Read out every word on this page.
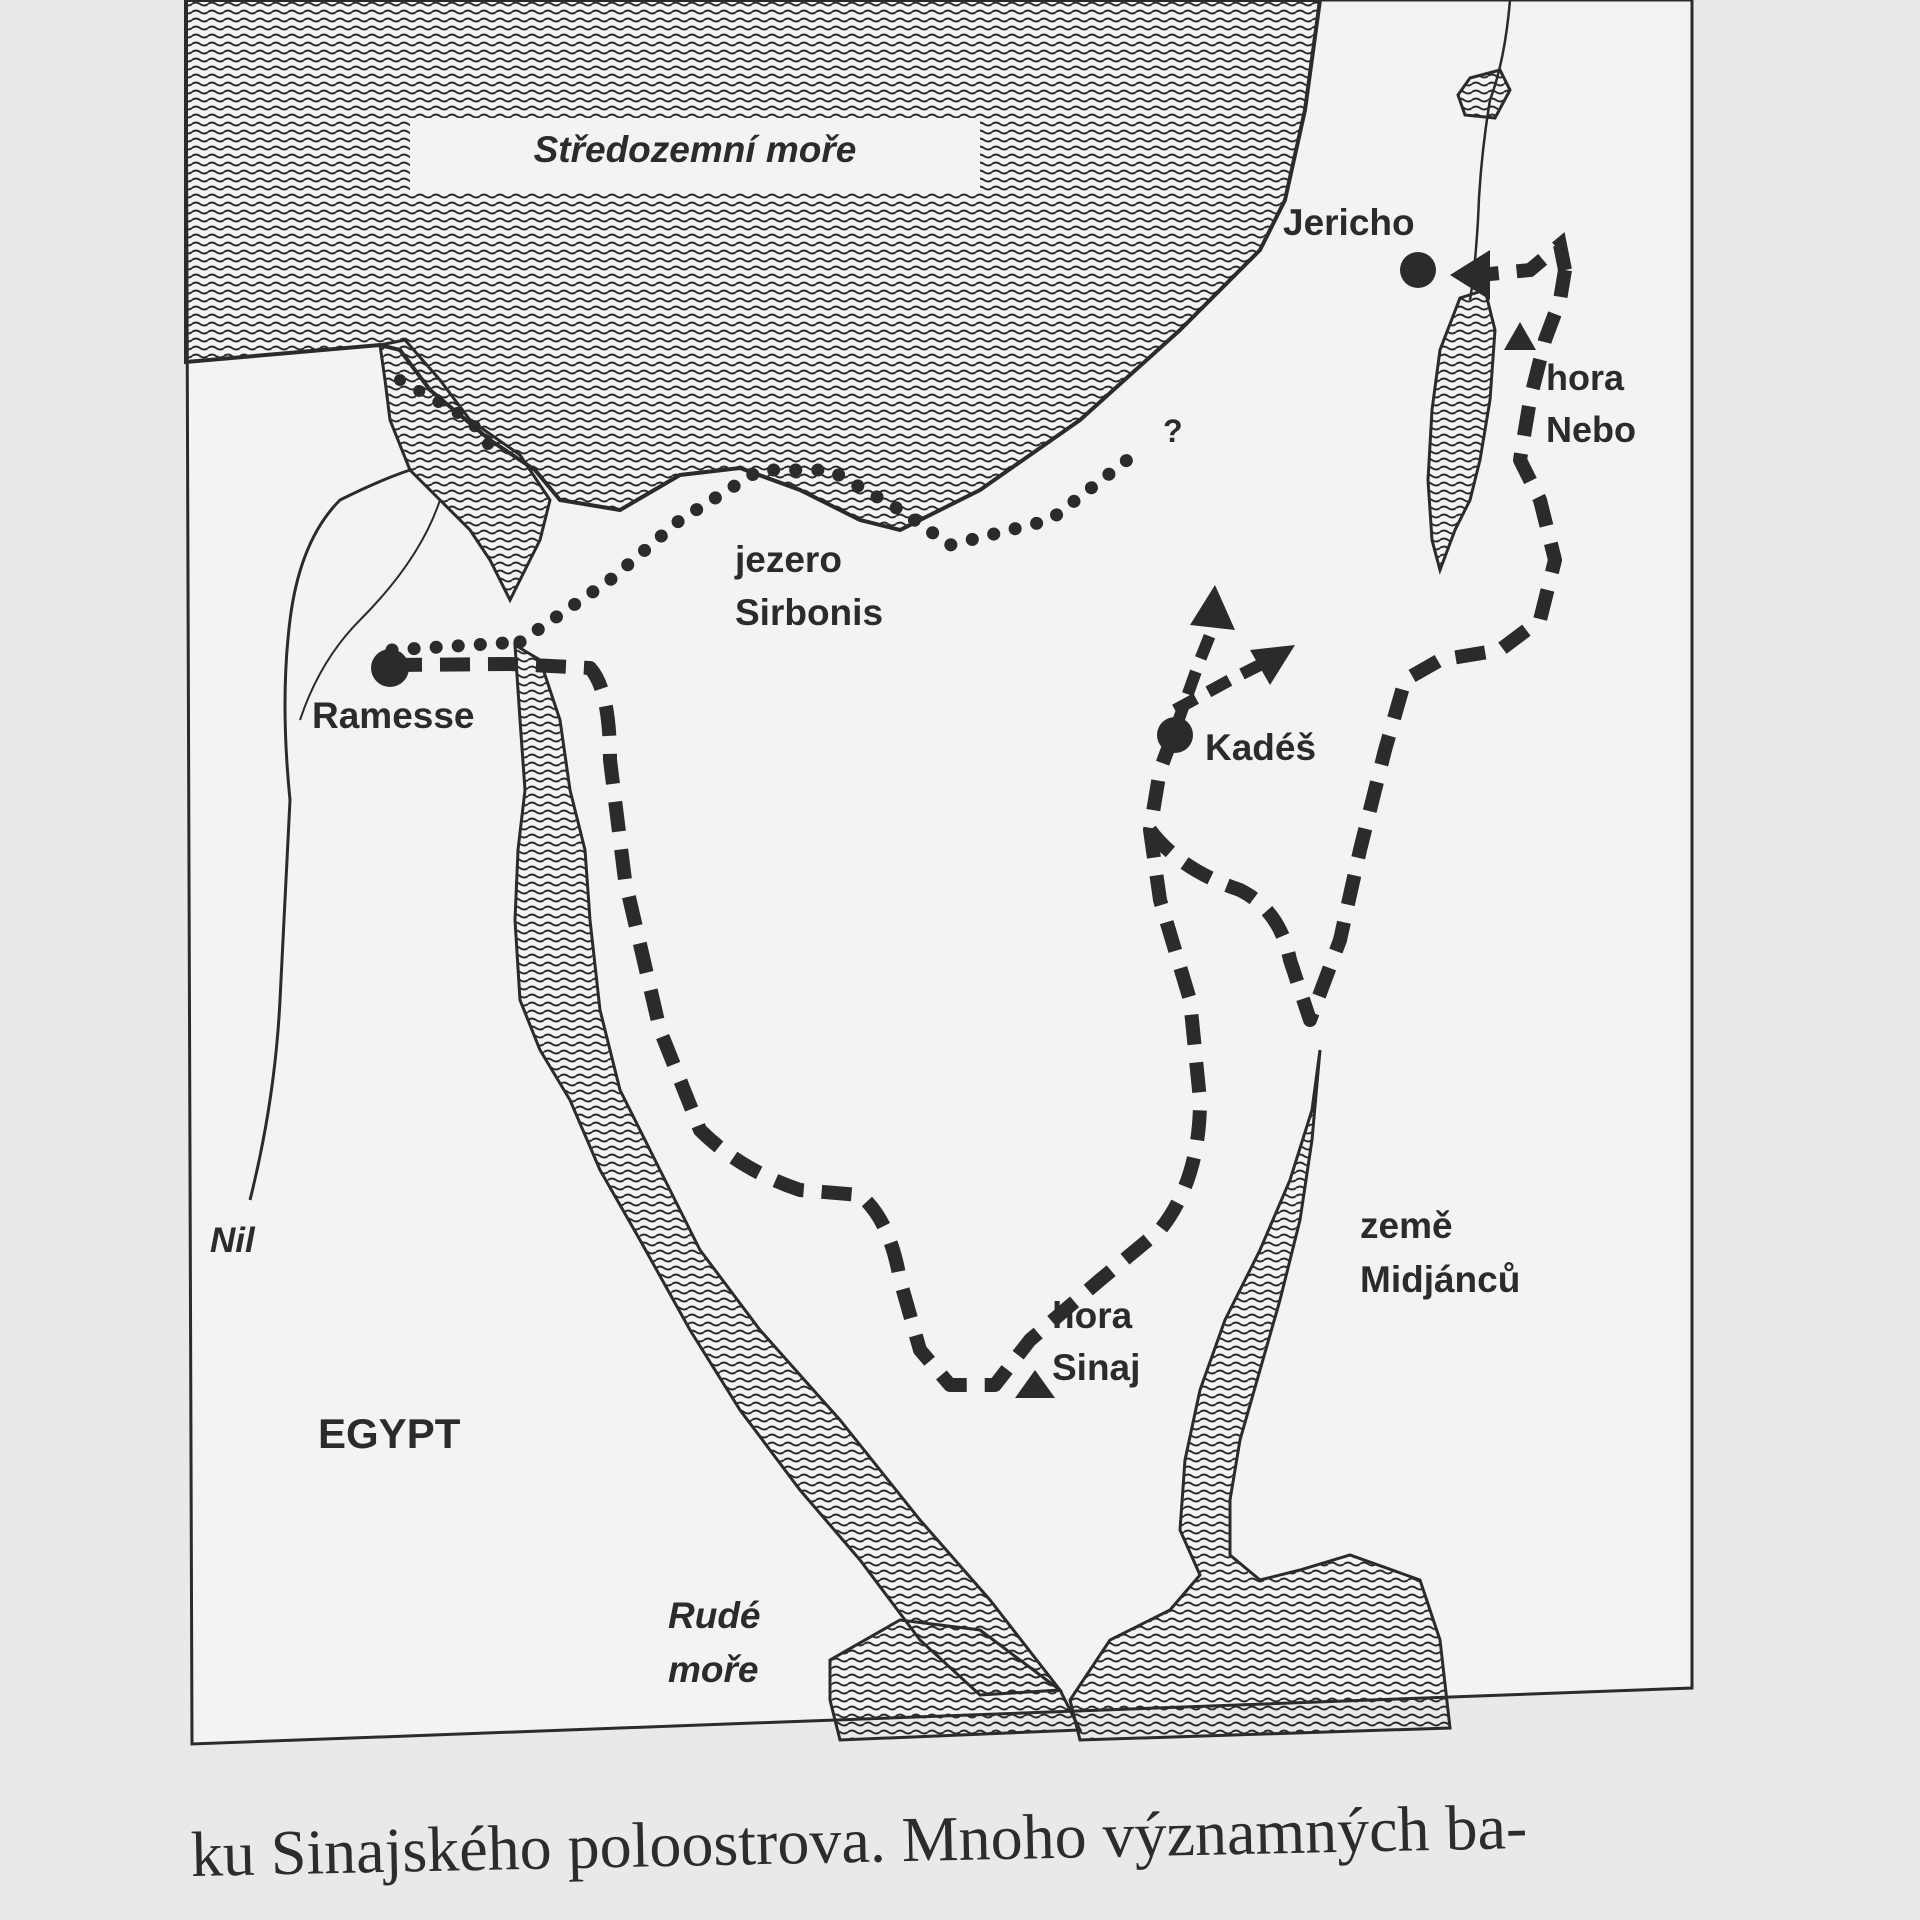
Středozemní moře
jezero
Sirbonis
?
Ramesse
Jericho
hora
Nebo
Kadéš
Nil	země
Midjánců
hora
Sinaj
EGYPT
Rudé
moře
ku Sinajského poloostrova. Mnoho významných ba-
